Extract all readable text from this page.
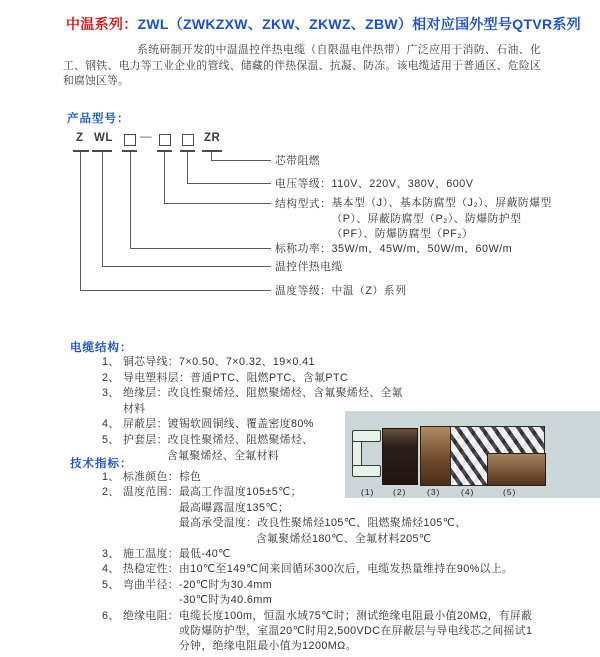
中温系列：ZWL（ZWKZXW、ZKW、ZKWZ、ZBW）相对应国外型号QTVR系列
系统研制开发的中温温控伴热电缆（自限温电伴热带）广泛应用于消防、石油、化工、钢铁、电力等工业企业的管线、储藏的伴热保温、抗凝、防冻。该电缆适用于普通区、危险区和腐蚀区等。
产品型号：
Z WL —	ZR
芯带阻燃
电压等级：110V、220V、380V、600V
结构型式： 基本型（J）、基本防腐型（J₂）、屏蔽防爆型（P）、屏蔽防腐型（P₂）、防爆防护型（PF）、防爆防腐型（PF₂）
标称功率：35W/m、45W/m、50W/m、60W/m
温控伴热电缆
温度等级：中温（Z）系列
电缆结构：
1、 铜芯导线：7×0.50、7×0.32、19×0.41
2、 导电塑料层：普通PTC、阻燃PTC、含氟PTC
3、 绝缘层：改良性聚烯烃、阻燃聚烯烃、含氟聚烯烃、全氟材料
4、 屏蔽层：镀锡软圆铜线、覆盖密度80%
5、 护套层：改良性聚烯烃、阻燃聚烯烃、
含氟聚烯烃、全氟材料
(1) (2) (3) (4)	(5)
技术指标：
1、 标准颜色： 棕色
2、 温度范围： 最高工作温度105±5℃；
最高曝露温度135℃；
最高承受温度：改良性聚烯烃105℃、阻燃聚烯烃105℃、
含氟聚烯烃180℃、全氟材料205℃
3、 施工温度： 最低-40℃
4、 热稳定性： 由10℃至149℃间来回循环300次后，电缆发热量维持在90%以上。
5、 弯曲半径： -20℃时为30.4mm
-30℃时为40.6mm
6、 绝缘电阻： 电缆长度100m，恒温水域75℃时；测试绝缘电阻最小值20MΩ，有屏蔽或防爆防护型，室温20℃时用2,500VDC在屏蔽层与导电线芯之间摇试1分钟，绝缘电阻最小值为1200MΩ。
